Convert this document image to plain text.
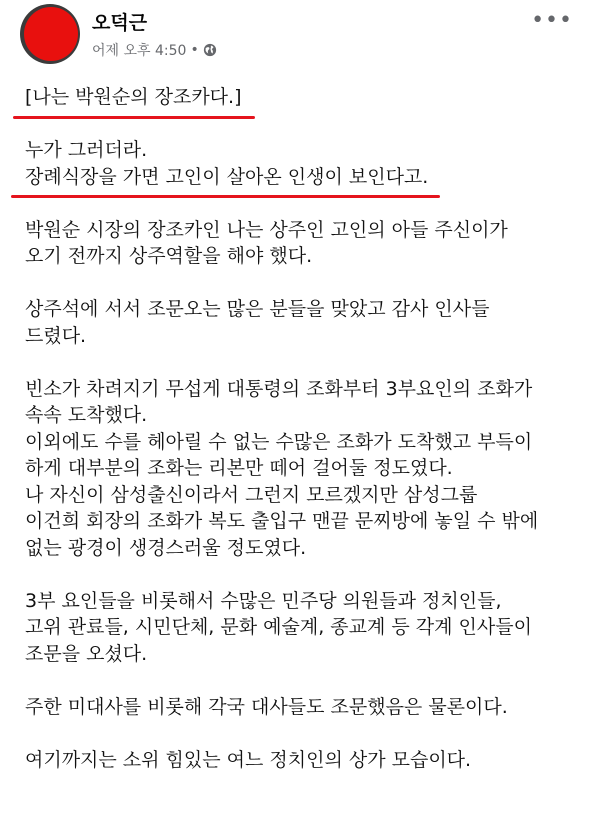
오덕근
어제 오후 4:50 •
•••
[나는 박원순의 장조카다.]
누가 그러더라.
장례식장을 가면 고인이 살아온 인생이 보인다고.
박원순 시장의 장조카인 나는 상주인 고인의 아들 주신이가
오기 전까지 상주역할을 해야 했다.
상주석에 서서 조문오는 많은 분들을 맞았고 감사 인사들
드렸다.
빈소가 차려지기 무섭게 대통령의 조화부터 3부요인의 조화가
속속 도착했다.
이외에도 수를 헤아릴 수 없는 수많은 조화가 도착했고 부득이
하게 대부분의 조화는 리본만 떼어 걸어둘 정도였다.
나 자신이 삼성출신이라서 그런지 모르겠지만 삼성그룹
이건희 회장의 조화가 복도 출입구 맨끝 문찌방에 놓일 수 밖에
없는 광경이 생경스러울 정도였다.
3부 요인들을 비롯해서 수많은 민주당 의원들과 정치인들,
고위 관료들, 시민단체, 문화 예술계, 종교계 등 각계 인사들이
조문을 오셨다.
주한 미대사를 비롯해 각국 대사들도 조문했음은 물론이다.
여기까지는 소위 힘있는 여느 정치인의 상가 모습이다.
